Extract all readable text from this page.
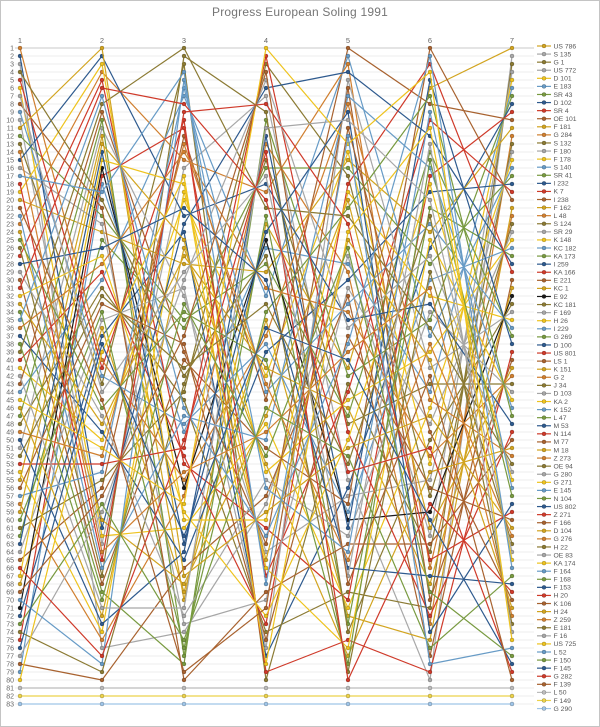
Progress European Soling 1991
1	2	3	4	5	6	7
1
2
3
4
5
6
7
8
9
10
11
12
13
14
15
16
17
18
19
20
21
22
23
24
25
26
27
28
29
30
31
32
33
34
35
36
37
38
39
40
41
42
43
44
45
46
47
48
49
50
51
52
53
54
55
56
57
58
59
60
61
62
63
64
65
66
67
68
69
70
71
72
73
74
75
76
77
78
79
80
81
82
83
US 786
S 135
G 1
US 772
D 101
E 183
SR 43
D 102
SR 4
OE 101
F 181
G 284
S 132
F 180
F 178
S 140
SR 41
I 232
K 7
I 238
F 162
L 48
S 124
SR 29
K 148
KC 182
KA 173
I 259
KA 166
E 221
KC 1
E 92
KC 181
F 169
H 26
I 229
G 269
D 100
US 801
LS 1
K 151
G 2
J 34
D 103
KA 2
K 152
L 47
M 53
N 114
M 77
M 18
Z 273
OE 94
G 280
G 271
E 145
N 104
US 802
Z 271
F 166
D 104
G 276
H 22
OE 83
KA 174
F 164
F 168
F 153
H 20
K 106
H 24
Z 259
E 181
F 16
US 725
L 52
F 150
F 145
G 282
F 139
L 50
F 149
G 290
